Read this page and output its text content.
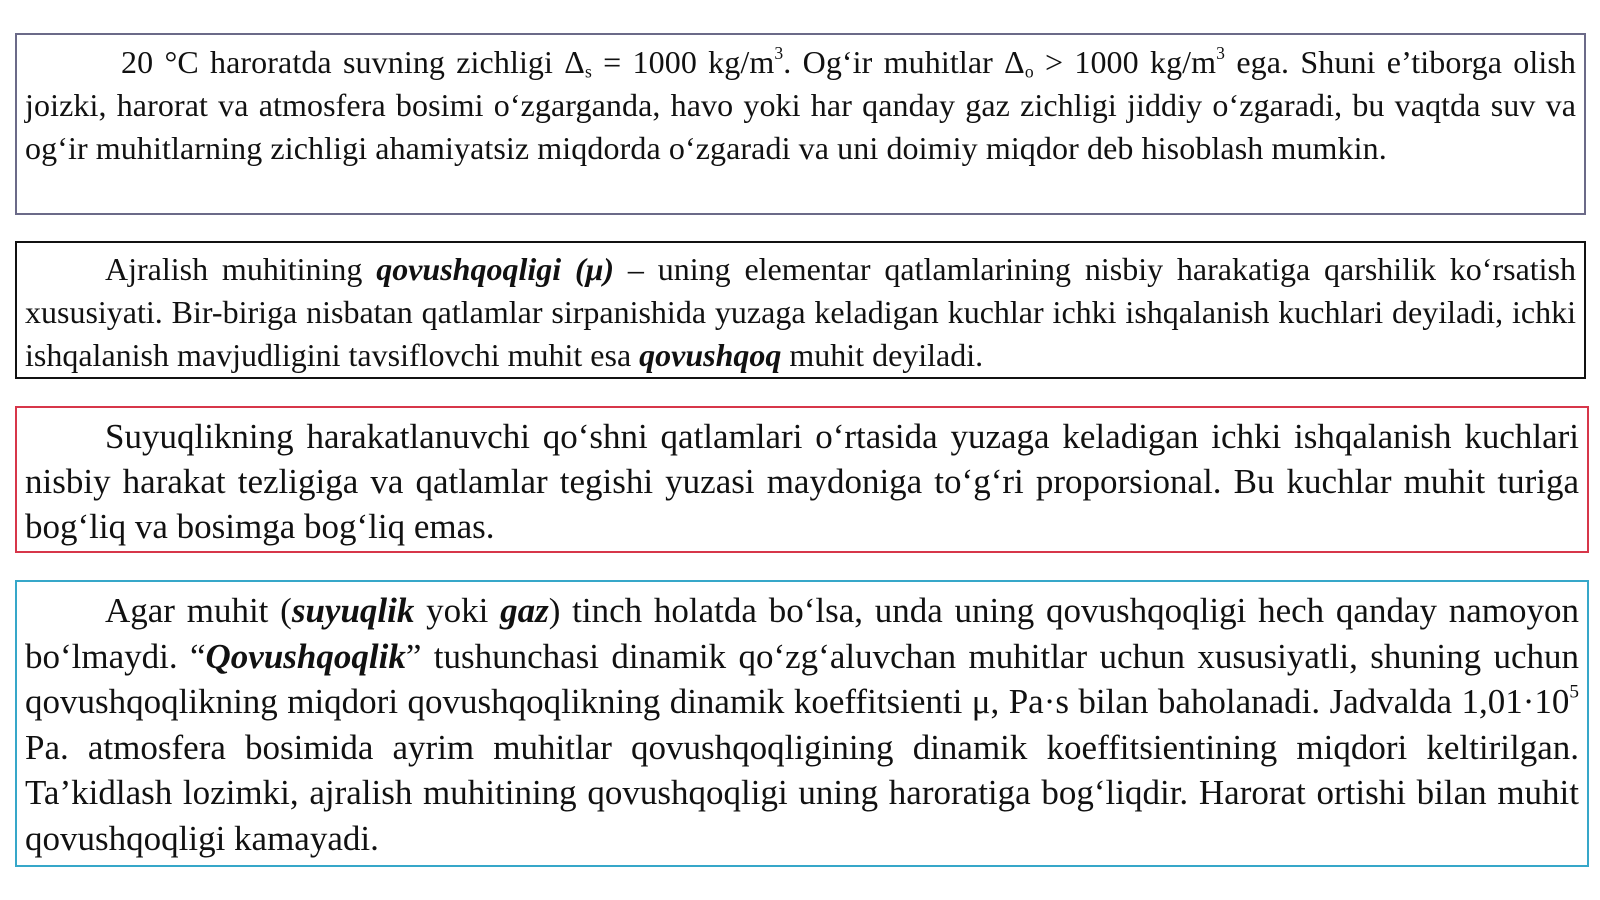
20 °C haroratda suvning zichligi $\Delta_s = 1000$ $kg/m^3$. Og‘ir muhitlar $\Delta_o > 1000$ $kg/m^3$ ega. Shuni e’tiborga olish joizki, harorat va atmosfera bosimi o‘zgarganda, havo yoki har qanday gaz zichligi jiddiy o‘zgaradi, bu vaqtda suv va og‘ir muhitlarning zichligi ahamiyatsiz miqdorda o‘zgaradi va uni doimiy miqdor deb hisoblash mumkin.
Ajralish muhitining qovushqoqligi (μ) – uning elementar qatlamlarining nisbiy harakatiga qarshilik ko‘rsatish xususiyati. Bir-biriga nisbatan qatlamlar sirpanishida yuzaga keladigan kuchlar ichki ishqalanish kuchlari deyiladi, ichki ishqalanish mavjudligini tavsiflovchi muhit esa qovushqoq muhit deyiladi.
Suyuqlikning harakatlanuvchi qo‘shni qatlamlari o‘rtasida yuzaga keladigan ichki ishqalanish kuchlari nisbiy harakat tezligiga va qatlamlar tegishi yuzasi maydoniga to‘g‘ri proporsional. Bu kuchlar muhit turiga bog‘liq va bosimga bog‘liq emas.
Agar muhit (suyuqlik yoki gaz) tinch holatda bo‘lsa, unda uning qovushqoqligi hech qanday namoyon bo‘lmaydi. “Qovushqoqlik” tushunchasi dinamik qo‘zg‘aluvchan muhitlar uchun xususiyatli, shuning uchun qovushqoqlikning miqdori qovushqoqlikning dinamik koeffitsienti μ, Pa·s bilan baholanadi. Jadvalda $1,01\cdot 10^5$ Pa. atmosfera bosimida ayrim muhitlar qovushqoqligining dinamik koeffitsientining miqdori keltirilgan. Ta’kidlash lozimki, ajralish muhitining qovushqoqligi uning haroratiga bog‘liqdir. Harorat ortishi bilan muhit qovushqoqligi kamayadi.
